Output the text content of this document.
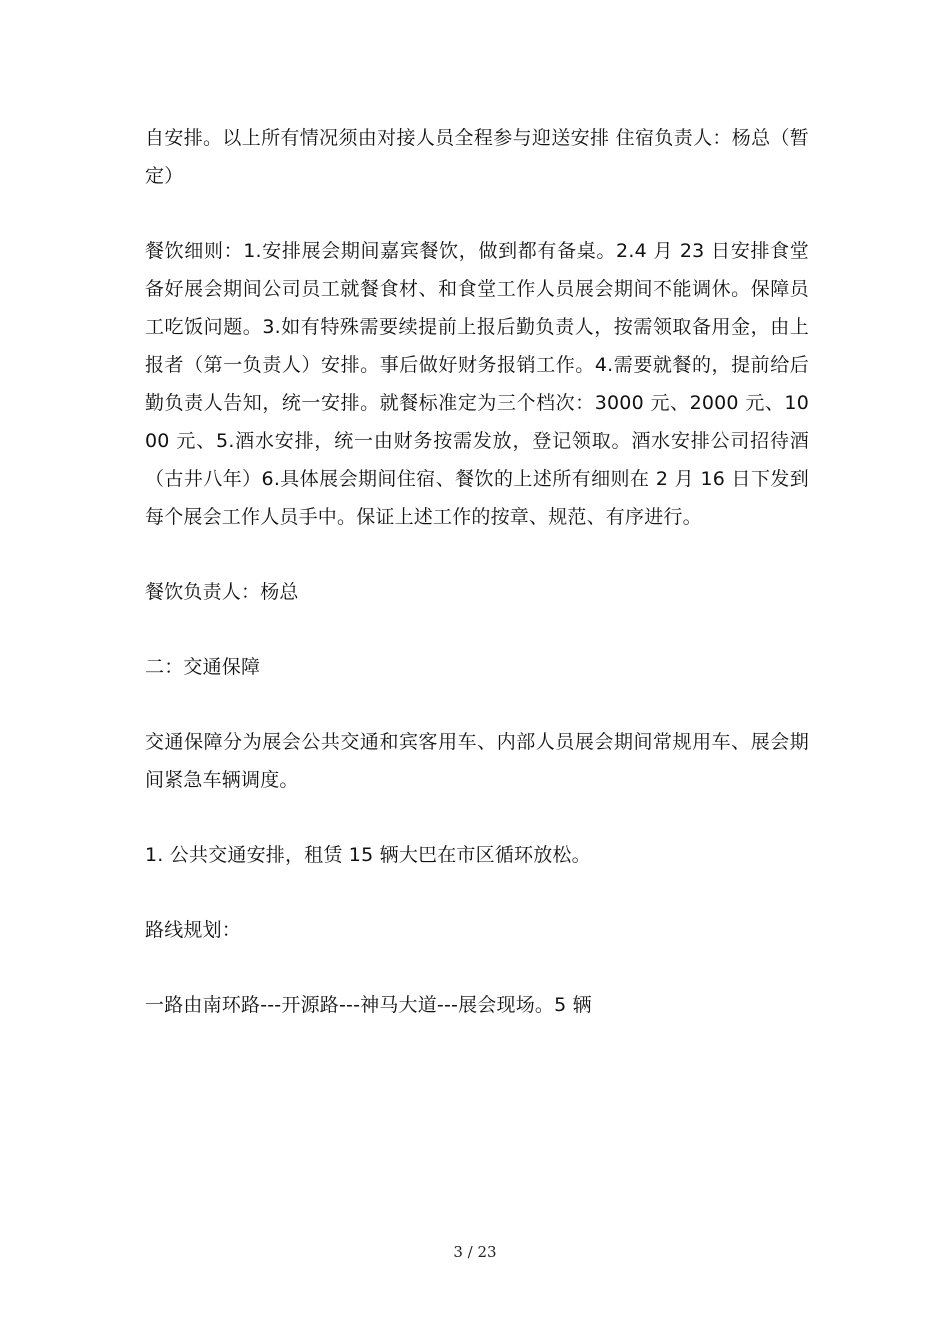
自安排。以上所有情况须由对接人员全程参与迎送安排 住宿负责人：杨总（暂定）

餐饮细则：1.安排展会期间嘉宾餐饮，做到都有备桌。2.4 月 23 日安排食堂备好展会期间公司员工就餐食材、和食堂工作人员展会期间不能调休。保障员工吃饭问题。3.如有特殊需要续提前上报后勤负责人，按需领取备用金，由上报者（第一负责人）安排。事后做好财务报销工作。4.需要就餐的，提前给后勤负责人告知，统一安排。就餐标准定为三个档次：3000 元、2000 元、1000 元、5.酒水安排，统一由财务按需发放，登记领取。酒水安排公司招待酒（古井八年）6.具体展会期间住宿、餐饮的上述所有细则在 2 月 16 日下发到每个展会工作人员手中。保证上述工作的按章、规范、有序进行。

餐饮负责人：杨总

二：交通保障

交通保障分为展会公共交通和宾客用车、内部人员展会期间常规用车、展会期间紧急车辆调度。

1. 公共交通安排，租赁 15 辆大巴在市区循环放松。

路线规划：

一路由南环路---开源路---神马大道---展会现场。5 辆

3 / 23
